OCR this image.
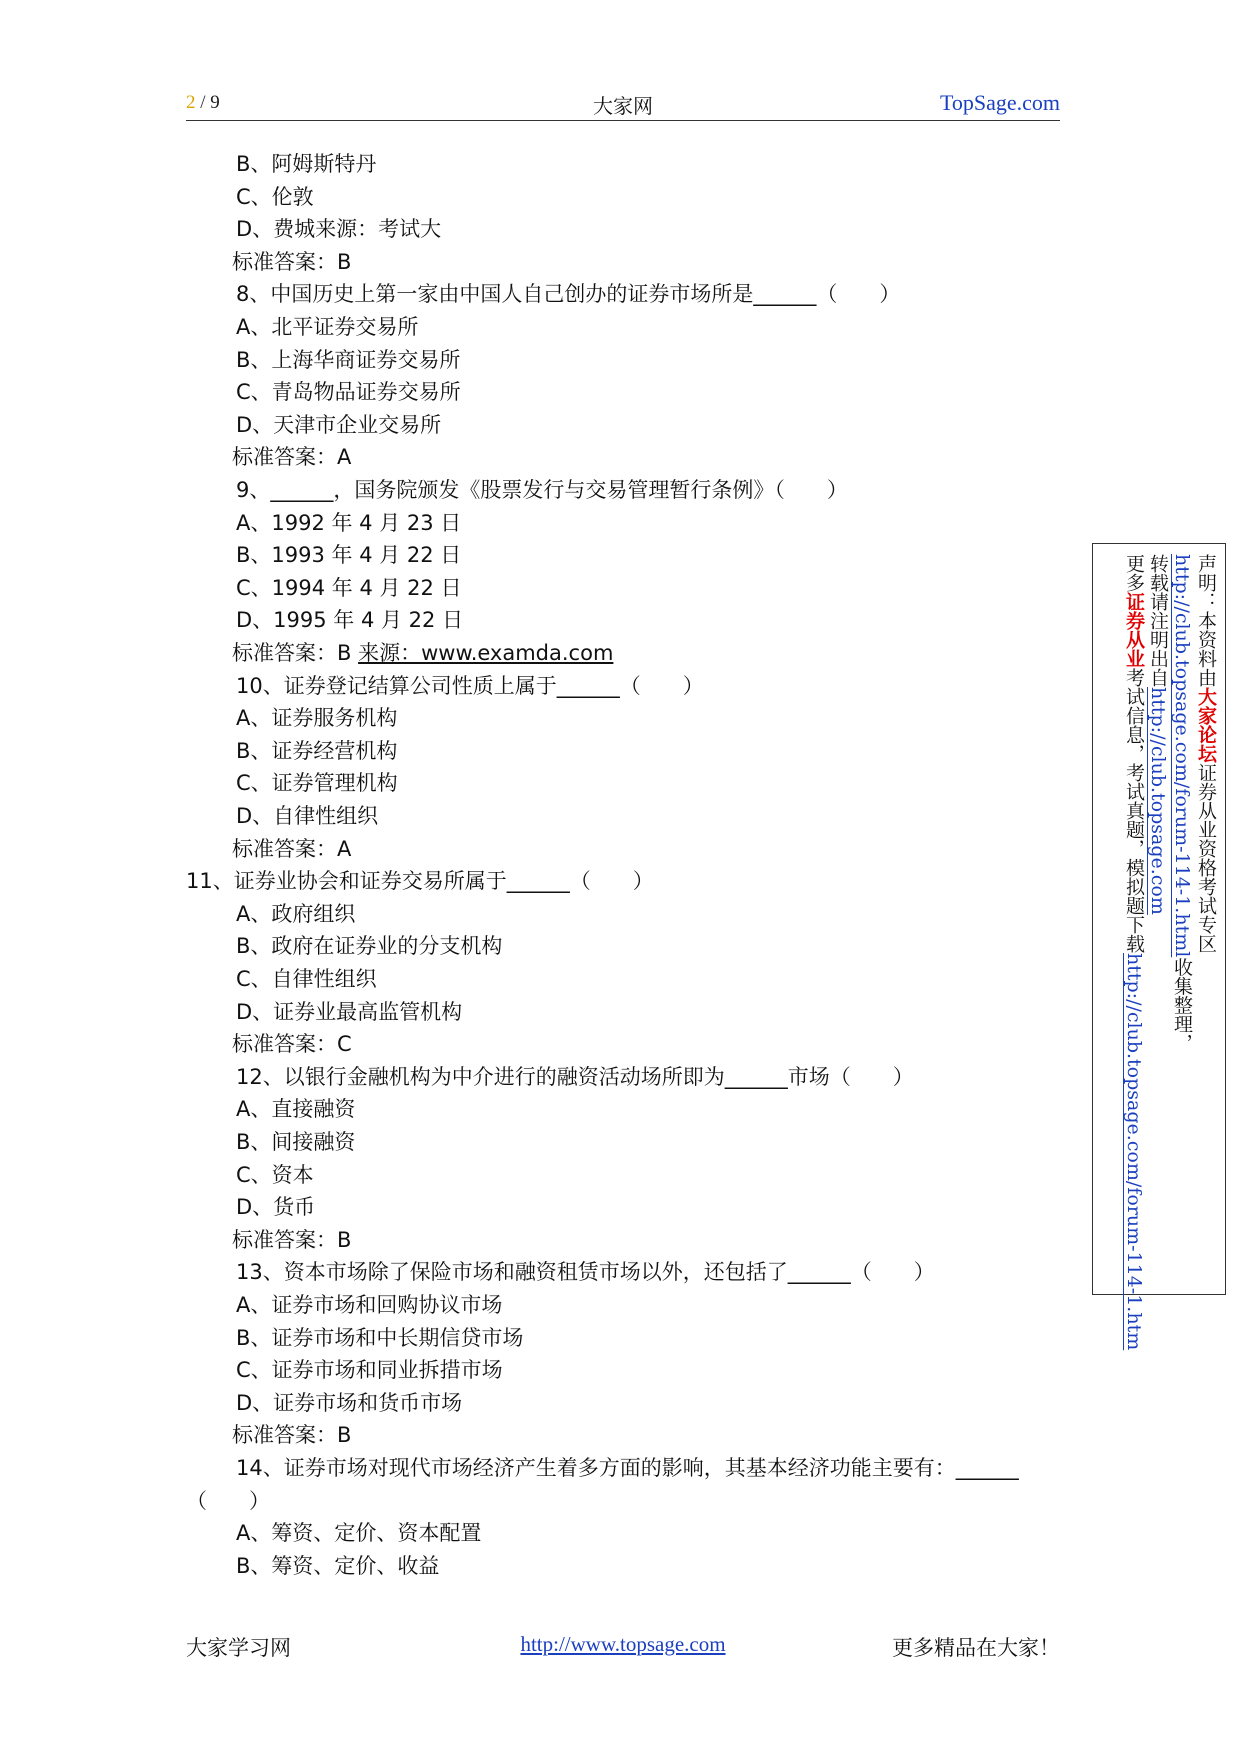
2 / 9	大家网	TopSage.com
B、阿姆斯特丹
C、伦敦
D、费城来源：考试大
标准答案：B
8、中国历史上第一家由中国人自己创办的证券市场所是______（　　）
A、北平证券交易所
B、上海华商证券交易所
C、青岛物品证券交易所
D、天津市企业交易所
标准答案：A
9、______，国务院颁发《股票发行与交易管理暂行条例》（　　）
A、1992 年 4 月 23 日
B、1993 年 4 月 22 日
C、1994 年 4 月 22 日
D、1995 年 4 月 22 日
标准答案：B 来源：www.examda.com
10、证券登记结算公司性质上属于______（　　）
A、证券服务机构
B、证券经营机构
C、证券管理机构
D、自律性组织
标准答案：A
11、证券业协会和证券交易所属于______（　　）
A、政府组织
B、政府在证券业的分支机构
C、自律性组织
D、证券业最高监管机构
标准答案：C
12、以银行金融机构为中介进行的融资活动场所即为______市场（　　）
A、直接融资
B、间接融资
C、资本
D、货币
标准答案：B
13、资本市场除了保险市场和融资租赁市场以外，还包括了______（　　）
A、证券市场和回购协议市场
B、证券市场和中长期信贷市场
C、证券市场和同业拆措市场
D、证券市场和货币市场
标准答案：B
14、证券市场对现代市场经济产生着多方面的影响，其基本经济功能主要有：______
（　　）
A、筹资、定价、资本配置
B、筹资、定价、收益
声明：本资料由大家论坛证券从业资格考试专区
http://club.topsage.com/forum-114-1.html收集整理，
转载请注明出自http://club.topsage.com
更多证券从业考试信息，考试真题，模拟题下载http://club.topsage.com/forum-114-1.htm
大家学习网	http://www.topsage.com	更多精品在大家！
